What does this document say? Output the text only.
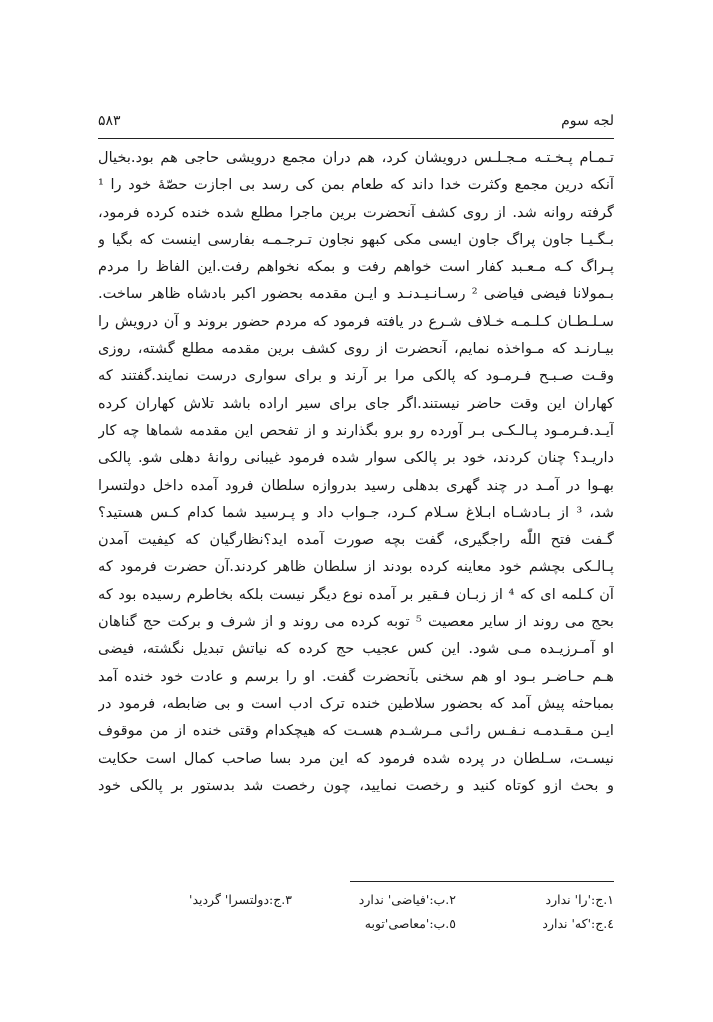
لجه سوم
۵۸۳
تـمـام پـخـتـه مـجـلـس درویشان کرد، هم دران مجمع درویشی حاجی هم بود.بخیال
آنکه درین مجمع وکثرت خدا داند که طعام بمن کی رسد بی اجازت حصّهٔ خود را ¹
گرفته روانه شد. از روی کشف آنحضرت برین ماجرا مطلع شده خنده کرده فرمود،
بـگـیـا جاون پراگ جاون ایسی مکی کبهو نجاون تـرجـمـه بفارسی اینست که بگیا و
پـراگ کـه مـعـبد کفار است خواهم رفت و بمکه نخواهم رفت.این الفاظ را مردم
بـمولانا فیضی فیاضی ² رسـانـیـدنـد و ایـن مقدمه بحضور اکبر بادشاه ظاهر ساخت.
سـلـطـان کـلـمـه خـلاف شـرع در یافته فرمود که مردم حضور بروند و آن درویش را
بیـارنـد که مـواخذه نمایم، آنحضرت از روی کشف برین مقدمه مطلع گشته، روزی
وقـت صـبـح فـرمـود که پالکی مرا بر آرند و برای سواری درست نمایند.گفتند که
کهاران این وقت حاضر نیستند.اگر جای برای سیر اراده باشد تلاش کهاران کرده
آیـد.فـرمـود پـالـکـی بـر آورده رو برو بگذارند و از تفحص این مقدمه شماها چه کار
داریـد؟ چنان کردند، خود بر پالکی سوار شده فرمود غیبانی روانهٔ دهلی شو. پالکی
بهـوا در آمـد در چند گهری بدهلی رسید بدروازه سلطان فرود آمده داخل دولتسرا
شد، ³ از بـادشـاه ابـلاغ سـلام کـرد، جـواب داد و پـرسید شما کدام کـس هستید؟
گـفت فتح اللّٰه راجگیری، گفت بچه صورت آمده اید؟نظارگیان که کیفیت آمدن
پـالـکی بچشم خود معاینه کرده بودند از سلطان ظاهر کردند.آن حضرت فرمود که
آن کـلمه ای که ⁴ از زبـان فـقیر بر آمده نوع دیگر نیست بلکه بخاطرم رسیده بود که
بحج می روند از سایر معصیت ⁵ توبه کرده می روند و از شرف و برکت حج گناهان
او آمـرزیـده مـی شود. این کس عجیب حج کرده که نیاتش تبدیل نگشته، فیضی
هـم حـاضـر بـود او هم سخنی بآنحضرت گفت. او را برسم و عادت خود خنده آمد
بمباحثه پیش آمد که بحضور سلاطین خنده ترک ادب است و بی ضابطه، فرمود در
ایـن مـقـدمـه نـفـس رائـی مـرشـدم هسـت که هیچکدام وقتی خنده از من موقوف
نیسـت، سـلطان در پرده شده فرمود که این مرد بسا صاحب کمال است حکایت
و بحث ازو کوتاه کنید و رخصت نمایید، چون رخصت شد بدستور بر پالکی خود
١.ج:'را' ندارد
٢.ب:'فیاضی' ندارد
٣.ج:دولتسرا' گردید'
٤.ج:'که' ندارد
٥.ب:'معاصی'توبه
